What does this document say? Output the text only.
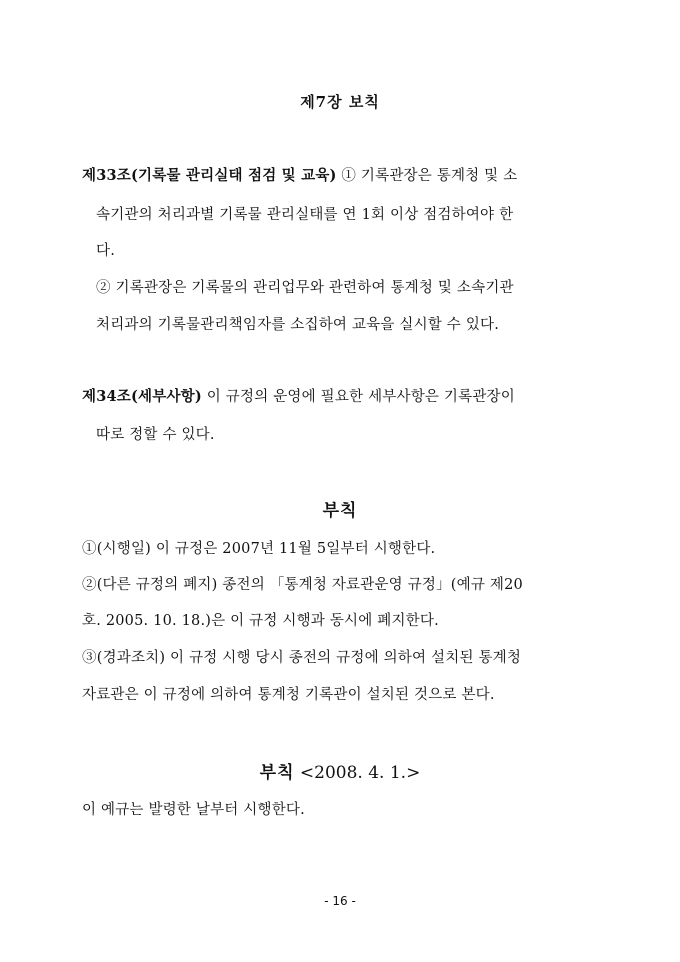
제7장 보칙
제33조(기록물 관리실태 점검 및 교육) ① 기록관장은 통계청 및 소
속기관의 처리과별 기록물 관리실태를 연 1회 이상 점검하여야 한
다.
② 기록관장은 기록물의 관리업무와 관련하여 통계청 및 소속기관
처리과의 기록물관리책임자를 소집하여 교육을 실시할 수 있다.
제34조(세부사항) 이 규정의 운영에 필요한 세부사항은 기록관장이
따로 정할 수 있다.
부칙
①(시행일) 이 규정은 2007년 11월 5일부터 시행한다.
②(다른 규정의 폐지) 종전의 「통계청 자료관운영 규정」(예규 제20
호. 2005. 10. 18.)은 이 규정 시행과 동시에 폐지한다.
③(경과조치) 이 규정 시행 당시 종전의 규정에 의하여 설치된 통계청
자료관은 이 규정에 의하여 통계청 기록관이 설치된 것으로 본다.
부칙 <2008. 4. 1.>
이 예규는 발령한 날부터 시행한다.
- 16 -
